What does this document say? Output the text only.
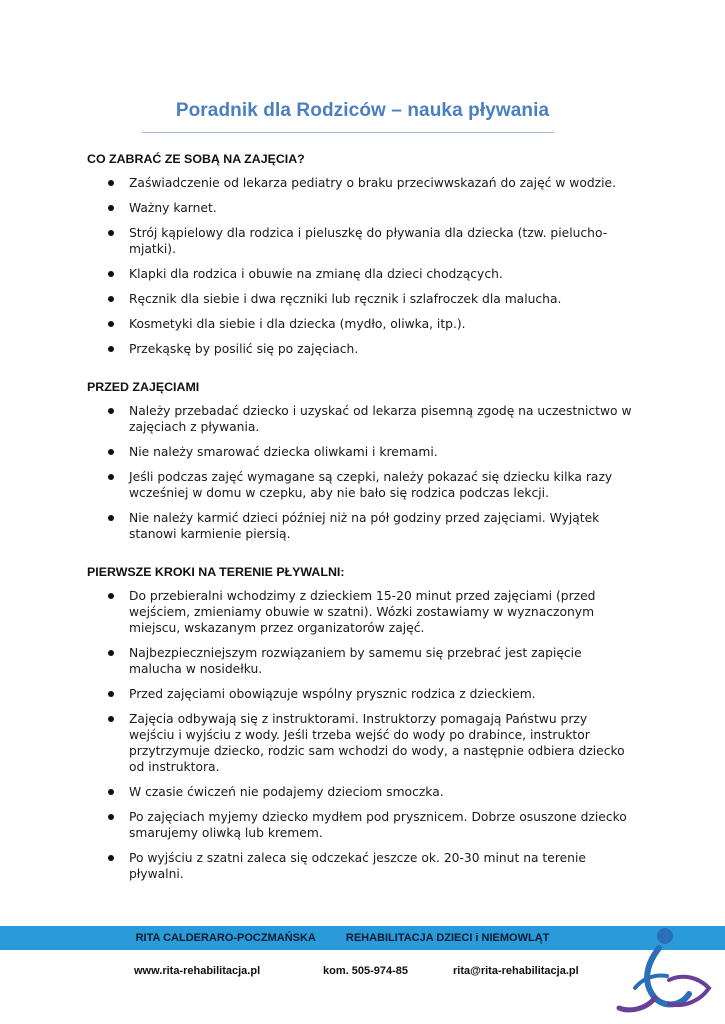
Poradnik dla Rodziców – nauka pływania
CO ZABRAĆ ZE SOBĄ NA ZAJĘCIA?
Zaświadczenie od lekarza pediatry o braku przeciwwskazań do zajęć w wodzie.
Ważny karnet.
Strój kąpielowy dla rodzica i pieluszkę do pływania dla dziecka (tzw. pielucho-mjatki).
Klapki dla rodzica i obuwie na zmianę dla dzieci chodzących.
Ręcznik dla siebie i dwa ręczniki lub ręcznik i szlafroczek dla malucha.
Kosmetyki dla siebie i dla dziecka (mydło, oliwka, itp.).
Przekąskę by posilić się po zajęciach.
PRZED ZAJĘCIAMI
Należy przebadać dziecko i uzyskać od lekarza pisemną zgodę na uczestnictwo w zajęciach z pływania.
Nie należy smarować dziecka oliwkami i kremami.
Jeśli podczas zajęć wymagane są czepki, należy pokazać się dziecku kilka razy wcześniej w domu w czepku, aby nie bało się rodzica podczas lekcji.
Nie należy karmić dzieci później niż na pół godziny przed zajęciami. Wyjątek stanowi karmienie piersią.
PIERWSZE KROKI NA TERENIE PŁYWALNI:
Do przebieralni wchodzimy z dzieckiem 15-20 minut przed zajęciami (przed wejściem, zmieniamy obuwie w szatni). Wózki zostawiamy w wyznaczonym miejscu, wskazanym przez organizatorów zajęć.
Najbezpieczniejszym rozwiązaniem by samemu się przebrać jest zapięcie malucha w nosidełku.
Przed zajęciami obowiązuje wspólny prysznic rodzica z dzieckiem.
Zajęcia odbywają się z instruktorami. Instruktorzy pomagają Państwu przy wejściu i wyjściu z wody. Jeśli trzeba wejść do wody po drabince, instruktor przytrzymuje dziecko, rodzic sam wchodzi do wody, a następnie odbiera dziecko od instruktora.
W czasie ćwiczeń nie podajemy dzieciom smoczka.
Po zajęciach myjemy dziecko mydłem pod prysznicem. Dobrze osuszone dziecko smarujemy oliwką lub kremem.
Po wyjściu z szatni zaleca się odczekać jeszcze ok. 20-30 minut na terenie pływalni.
RITA CALDERARO-POCZMAŃSKA	REHABILITACJA DZIECI i NIEMOWLĄT
www.rita-rehabilitacja.pl	kom. 505-974-85	rita@rita-rehabilitacja.pl
